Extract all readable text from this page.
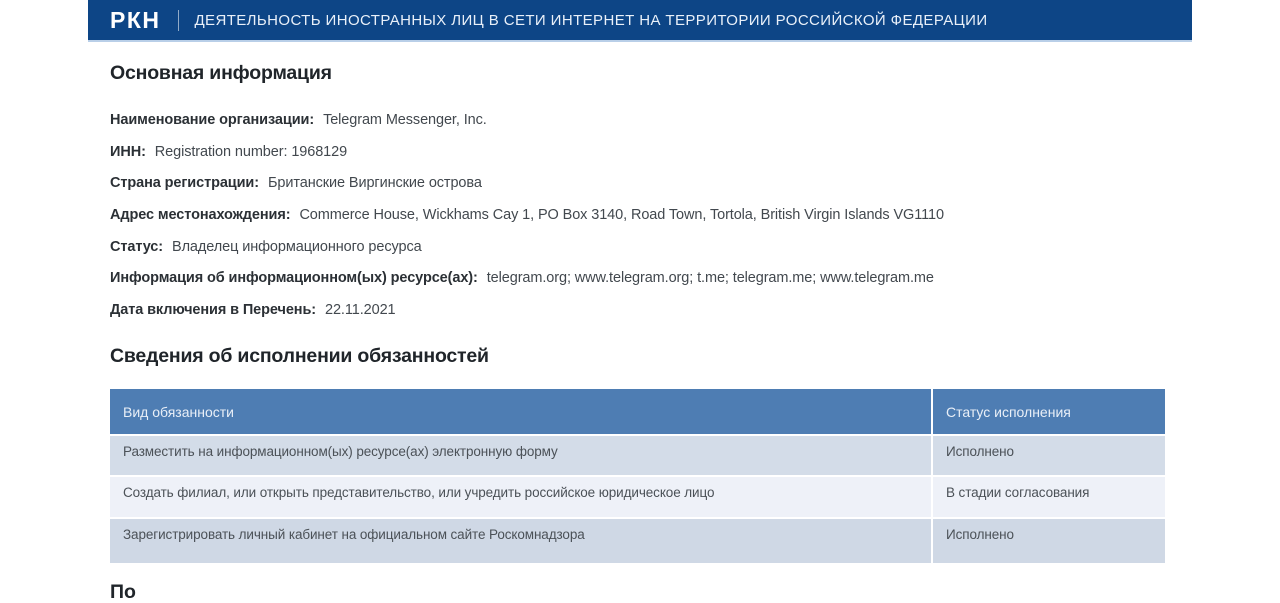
РКН ДЕЯТЕЛЬНОСТЬ ИНОСТРАННЫХ ЛИЦ В СЕТИ ИНТЕРНЕТ НА ТЕРРИТОРИИ РОССИЙСКОЙ ФЕДЕРАЦИИ
Основная информация
Наименование организации: Telegram Messenger, Inc.
ИНН: Registration number: 1968129
Страна регистрации: Британские Виргинские острова
Адрес местонахождения: Commerce House, Wickhams Cay 1, PO Box 3140, Road Town, Tortola, British Virgin Islands VG1110
Статус: Владелец информационного ресурса
Информация об информационном(ых) ресурсе(ах): telegram.org; www.telegram.org; t.me; telegram.me; www.telegram.me
Дата включения в Перечень: 22.11.2021
Сведения об исполнении обязанностей
Вид обязанности	Статус исполнения
Разместить на информационном(ых) ресурсе(ах) электронную форму	Исполнено
Создать филиал, или открыть представительство, или учредить российское юридическое лицо	В стадии согласования
Зарегистрировать личный кабинет на официальном сайте Роскомнадзора	Исполнено
По
